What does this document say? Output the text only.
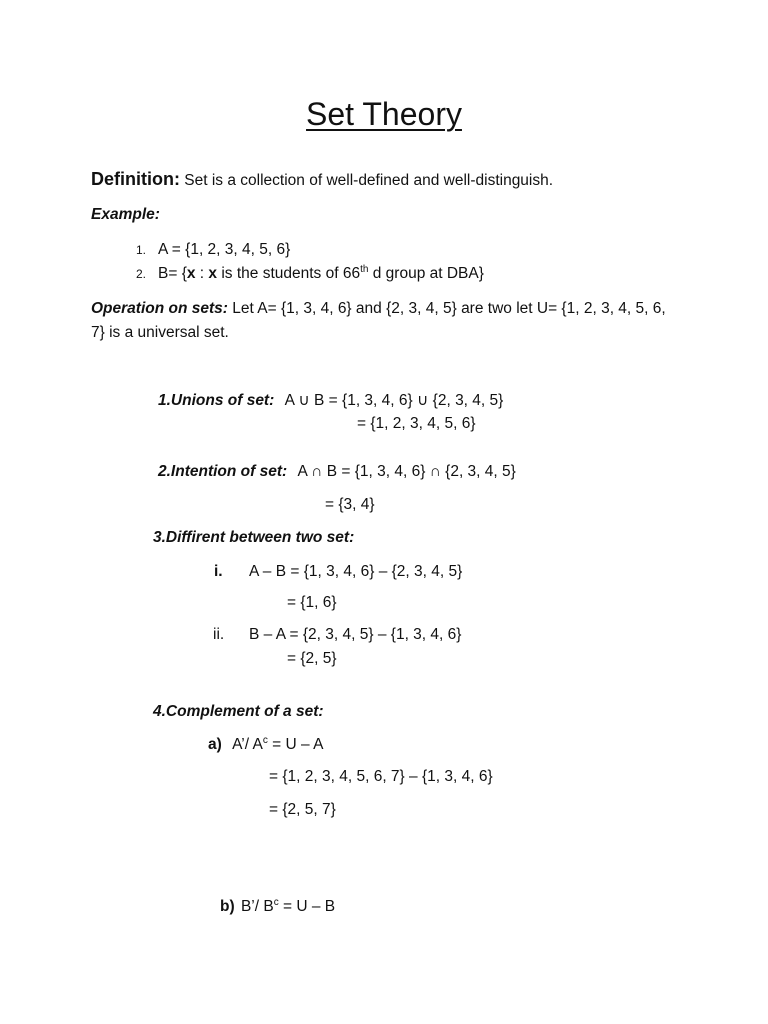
Set Theory
Definition: Set is a collection of well-defined and well-distinguish.
Example:
1. A = {1, 2, 3, 4, 5, 6}
2. B= {x : x is the students of 66th d group at DBA}
Operation on sets: Let A= {1, 3, 4, 6} and {2, 3, 4, 5} are two let U= {1, 2, 3, 4, 5, 6,
7} is a universal set.
1.Unions of set: A ∪ B = {1, 3, 4, 6} ∪ {2, 3, 4, 5}
= {1, 2, 3, 4, 5, 6}
2.Intention of set: A ∩ B = {1, 3, 4, 6} ∩ {2, 3, 4, 5}
= {3, 4}
3.Diffirent between two set:
i. A – B = {1, 3, 4, 6} – {2, 3, 4, 5}
= {1, 6}
ii. B – A = {2, 3, 4, 5} – {1, 3, 4, 6}
= {2, 5}
4.Complement of a set:
a) A’/ $A^c = U - A$
= {1, 2, 3, 4, 5, 6, 7} – {1, 3, 4, 6}
= {2, 5, 7}
b) B’/ $B^c = U - B$
